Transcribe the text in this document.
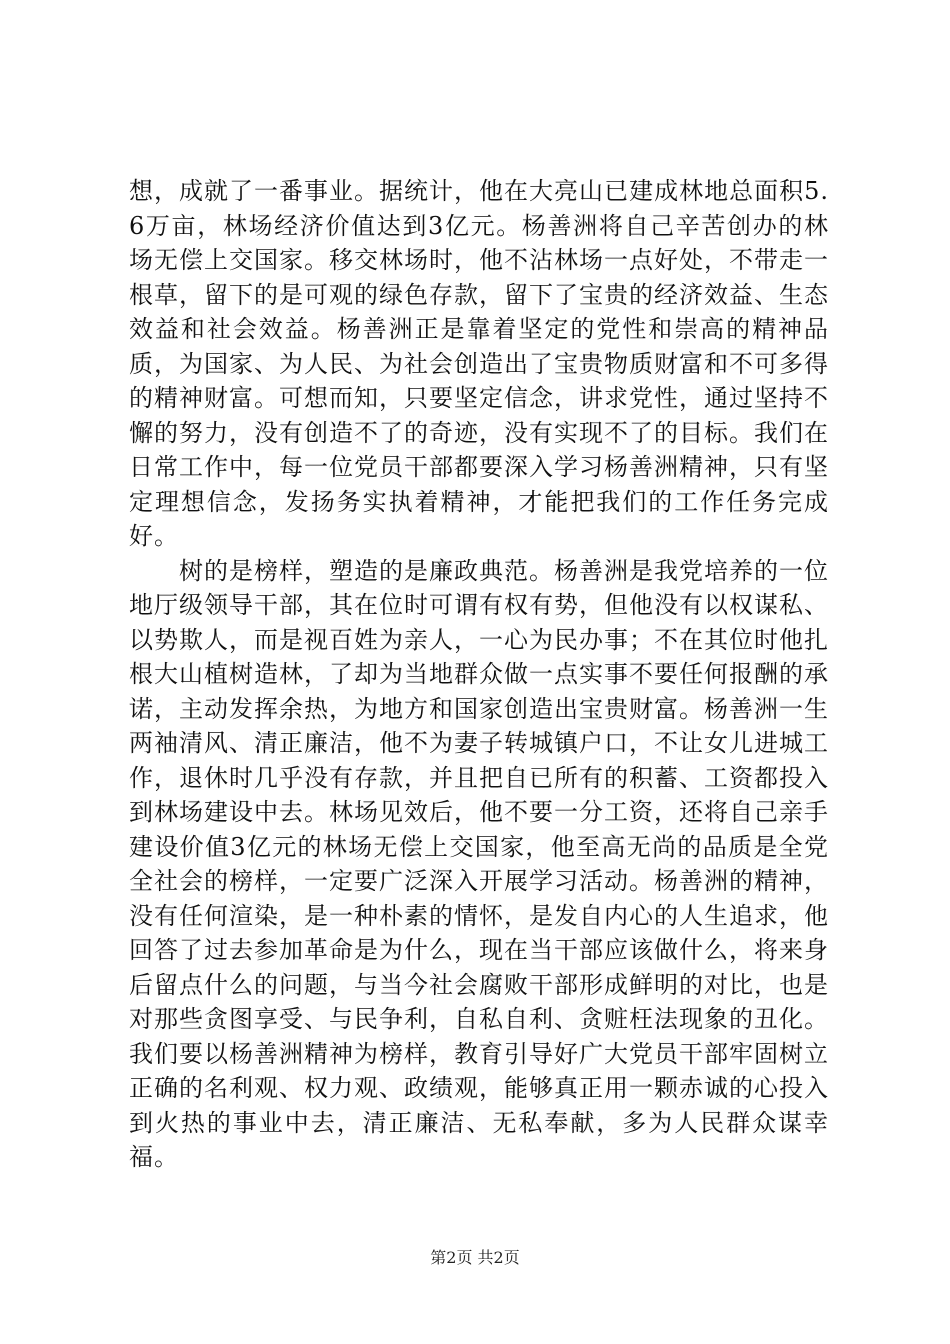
想，成就了一番事业。据统计，他在大亮山已建成林地总面积5.6万亩，林场经济价值达到3亿元。杨善洲将自己辛苦创办的林场无偿上交国家。移交林场时，他不沾林场一点好处，不带走一根草，留下的是可观的绿色存款，留下了宝贵的经济效益、生态效益和社会效益。杨善洲正是靠着坚定的党性和崇高的精神品质，为国家、为人民、为社会创造出了宝贵物质财富和不可多得的精神财富。可想而知，只要坚定信念，讲求党性，通过坚持不懈的努力，没有创造不了的奇迹，没有实现不了的目标。我们在日常工作中，每一位党员干部都要深入学习杨善洲精神，只有坚定理想信念，发扬务实执着精神，才能把我们的工作任务完成好。

树的是榜样，塑造的是廉政典范。杨善洲是我党培养的一位地厅级领导干部，其在位时可谓有权有势，但他没有以权谋私、以势欺人，而是视百姓为亲人，一心为民办事；不在其位时他扎根大山植树造林，了却为当地群众做一点实事不要任何报酬的承诺，主动发挥余热，为地方和国家创造出宝贵财富。杨善洲一生两袖清风、清正廉洁，他不为妻子转城镇户口，不让女儿进城工作，退休时几乎没有存款，并且把自已所有的积蓄、工资都投入到林场建设中去。林场见效后，他不要一分工资，还将自己亲手建设价值3亿元的林场无偿上交国家，他至高无尚的品质是全党全社会的榜样，一定要广泛深入开展学习活动。杨善洲的精神，没有任何渲染，是一种朴素的情怀，是发自内心的人生追求，他回答了过去参加革命是为什么，现在当干部应该做什么，将来身后留点什么的问题，与当今社会腐败干部形成鲜明的对比，也是对那些贪图享受、与民争利，自私自利、贪赃枉法现象的丑化。我们要以杨善洲精神为榜样，教育引导好广大党员干部牢固树立正确的名利观、权力观、政绩观，能够真正用一颗赤诚的心投入到火热的事业中去，清正廉洁、无私奉献，多为人民群众谋幸福。

第2页 共2页
